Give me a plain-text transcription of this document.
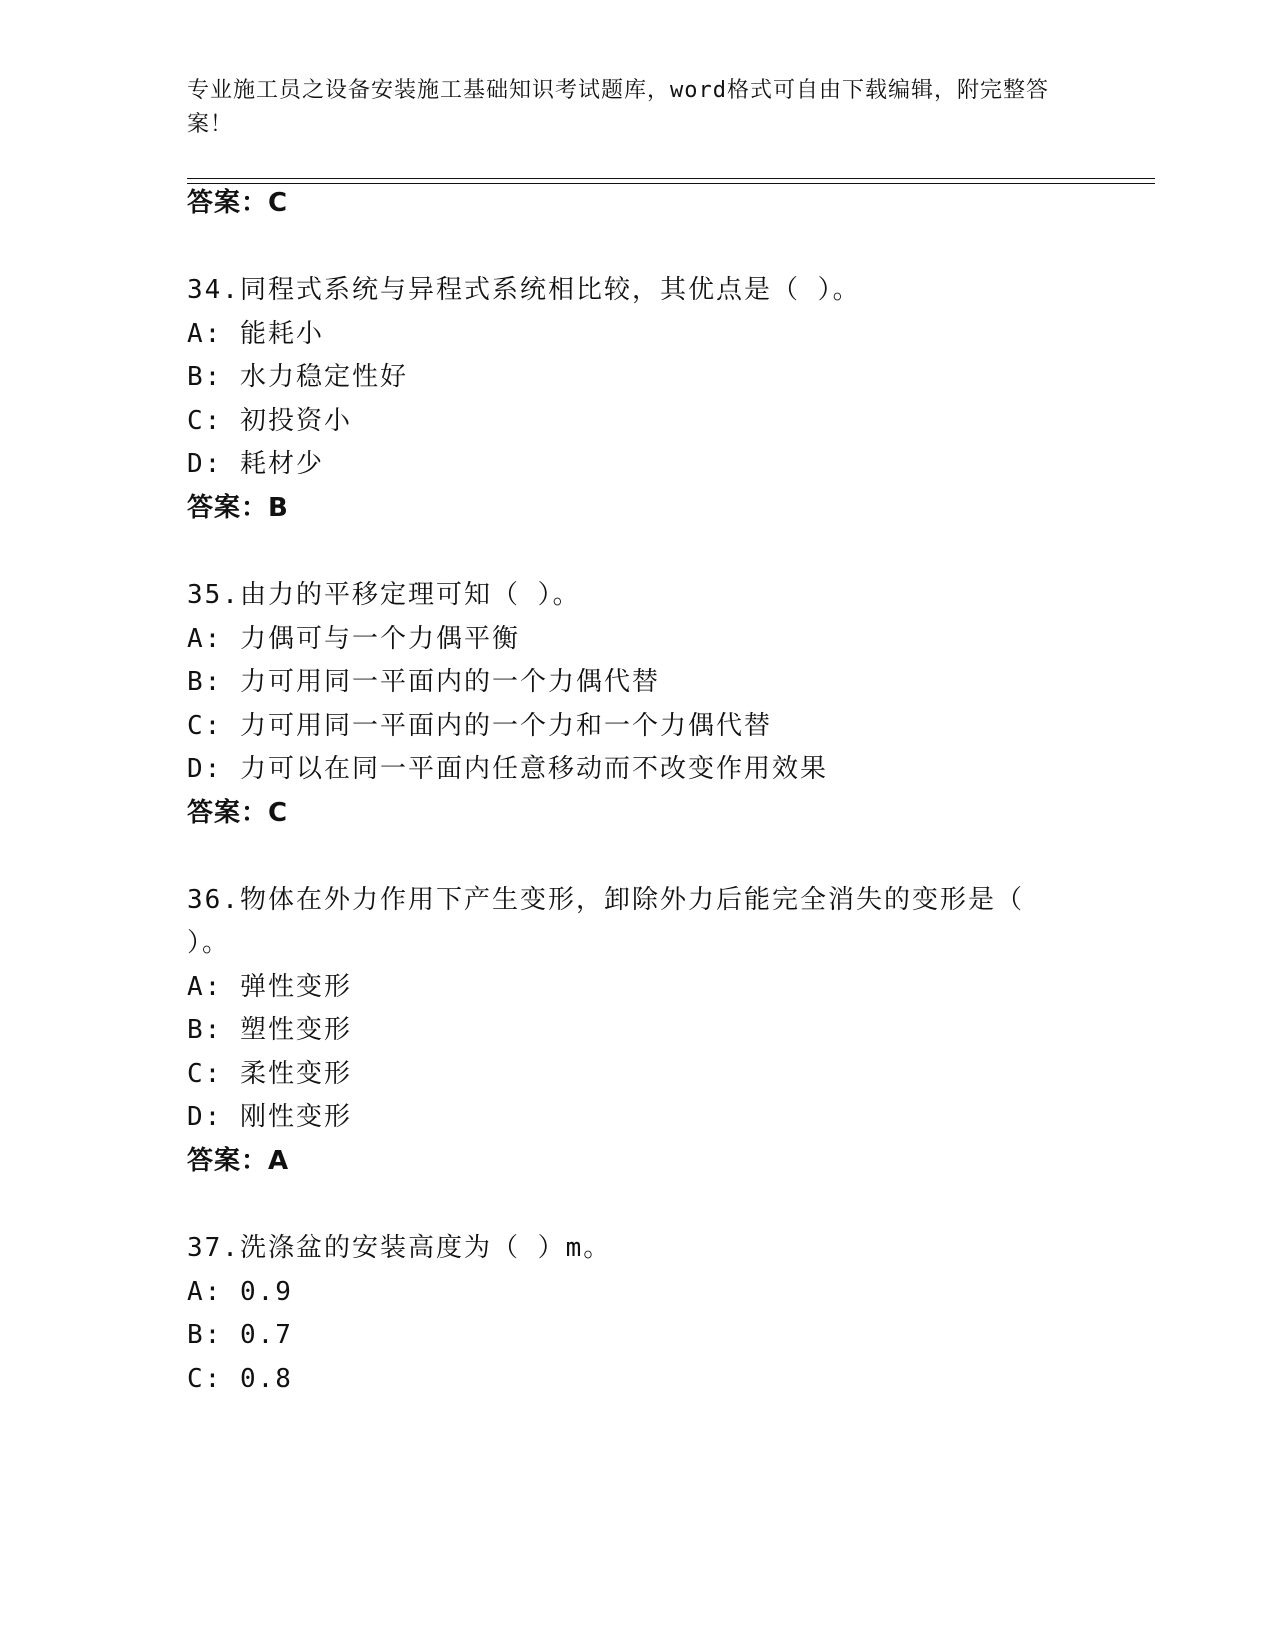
专业施工员之设备安装施工基础知识考试题库，word格式可自由下载编辑，附完整答案！
答案：C
34.同程式系统与异程式系统相比较，其优点是（ ）。
A: 能耗小
B: 水力稳定性好
C: 初投资小
D: 耗材少
答案：B
35.由力的平移定理可知（ ）。
A: 力偶可与一个力偶平衡
B: 力可用同一平面内的一个力偶代替
C: 力可用同一平面内的一个力和一个力偶代替
D: 力可以在同一平面内任意移动而不改变作用效果
答案：C
36.物体在外力作用下产生变形，卸除外力后能完全消失的变形是（
）。
A: 弹性变形
B: 塑性变形
C: 柔性变形
D: 刚性变形
答案：A
37.洗涤盆的安装高度为（ ）m。
A: 0.9
B: 0.7
C: 0.8
